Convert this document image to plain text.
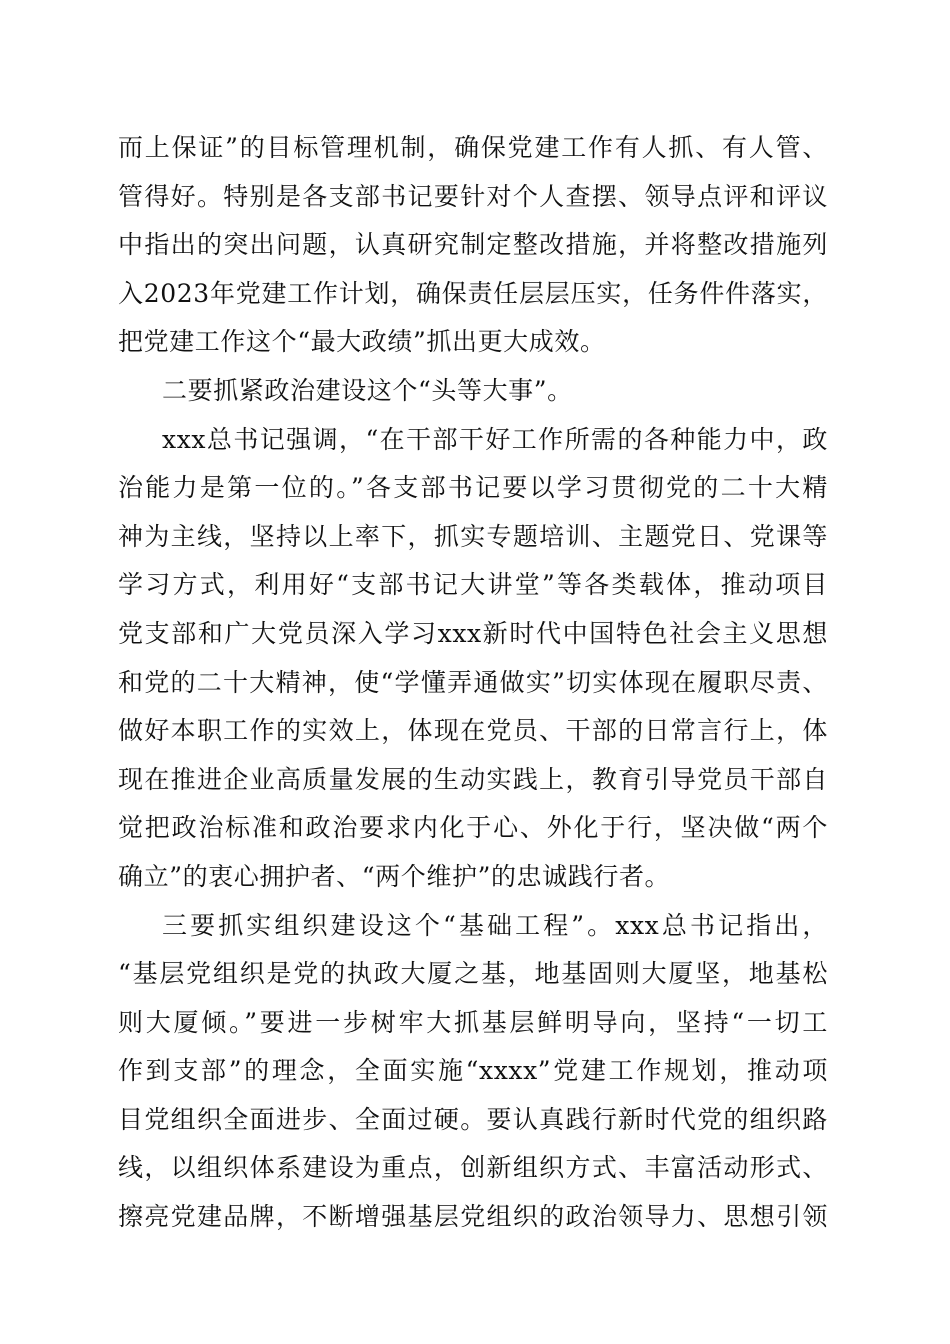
而上保证”的目标管理机制，确保党建工作有人抓、有人管、
管得好。特别是各支部书记要针对个人查摆、领导点评和评议
中指出的突出问题，认真研究制定整改措施，并将整改措施列
入2023年党建工作计划，确保责任层层压实，任务件件落实，
把党建工作这个“最大政绩”抓出更大成效。
二要抓紧政治建设这个“头等大事”。
xxx总书记强调，“在干部干好工作所需的各种能力中，政
治能力是第一位的。”各支部书记要以学习贯彻党的二十大精
神为主线，坚持以上率下，抓实专题培训、主题党日、党课等
学习方式，利用好“支部书记大讲堂”等各类载体，推动项目
党支部和广大党员深入学习xxx新时代中国特色社会主义思想
和党的二十大精神，使“学懂弄通做实”切实体现在履职尽责、
做好本职工作的实效上，体现在党员、干部的日常言行上，体
现在推进企业高质量发展的生动实践上，教育引导党员干部自
觉把政治标准和政治要求内化于心、外化于行，坚决做“两个
确立”的衷心拥护者、“两个维护”的忠诚践行者。
三要抓实组织建设这个“基础工程”。xxx总书记指出，
“基层党组织是党的执政大厦之基，地基固则大厦坚，地基松
则大厦倾。”要进一步树牢大抓基层鲜明导向，坚持“一切工
作到支部”的理念，全面实施“xxxx”党建工作规划，推动项
目党组织全面进步、全面过硬。要认真践行新时代党的组织路
线，以组织体系建设为重点，创新组织方式、丰富活动形式、
擦亮党建品牌，不断增强基层党组织的政治领导力、思想引领
